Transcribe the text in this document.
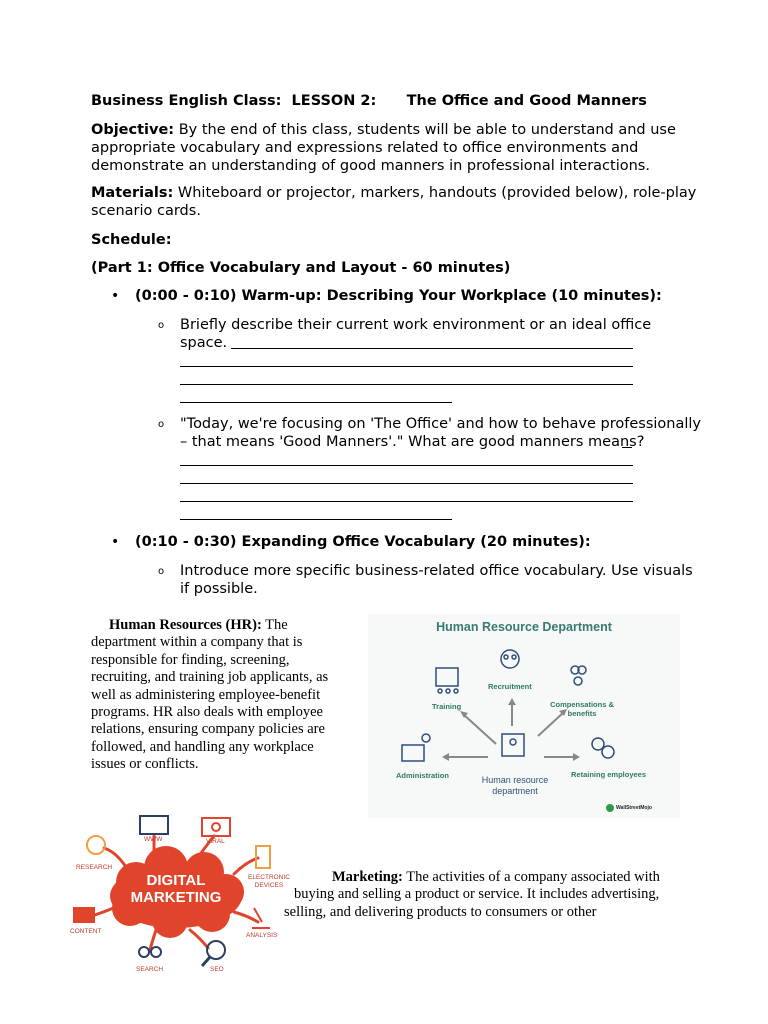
Business English Class:  LESSON 2:      The Office and Good Manners
Objective: By the end of this class, students will be able to understand and use
appropriate vocabulary and expressions related to office environments and
demonstrate an understanding of good manners in professional interactions.
Materials: Whiteboard or projector, markers, handouts (provided below), role-play
scenario cards.
Schedule:
(Part 1: Office Vocabulary and Layout - 60 minutes)
• (0:00 - 0:10) Warm-up: Describing Your Workplace (10 minutes):
o Briefly describe their current work environment or an ideal office
space.
o "Today, we're focusing on 'The Office' and how to behave professionally
– that means 'Good Manners'." What are good manners means?
• (0:10 - 0:30) Expanding Office Vocabulary (20 minutes):
o Introduce more specific business-related office vocabulary. Use visuals
if possible.
Human Resources (HR): The
department within a company that is
responsible for finding, screening,
recruiting, and training job applicants, as
well as administering employee-benefit
programs. HR also deals with employee
relations, ensuring company policies are
followed, and handling any workplace
issues or conflicts.
Human Resource Department
Training
Recruitment
Compensations &
benefits
Administration	Human resource
department
Retaining employees
WallStreetMojo
DIGITAL
MARKETING
WWW	VIRAL
RESEARCH
ELECTRONIC
DEVICES
CONTENT
ANALYSIS
SEARCH	SEO
Marketing: The activities of a company associated with
buying and selling a product or service. It includes advertising,
selling, and delivering products to consumers or other
